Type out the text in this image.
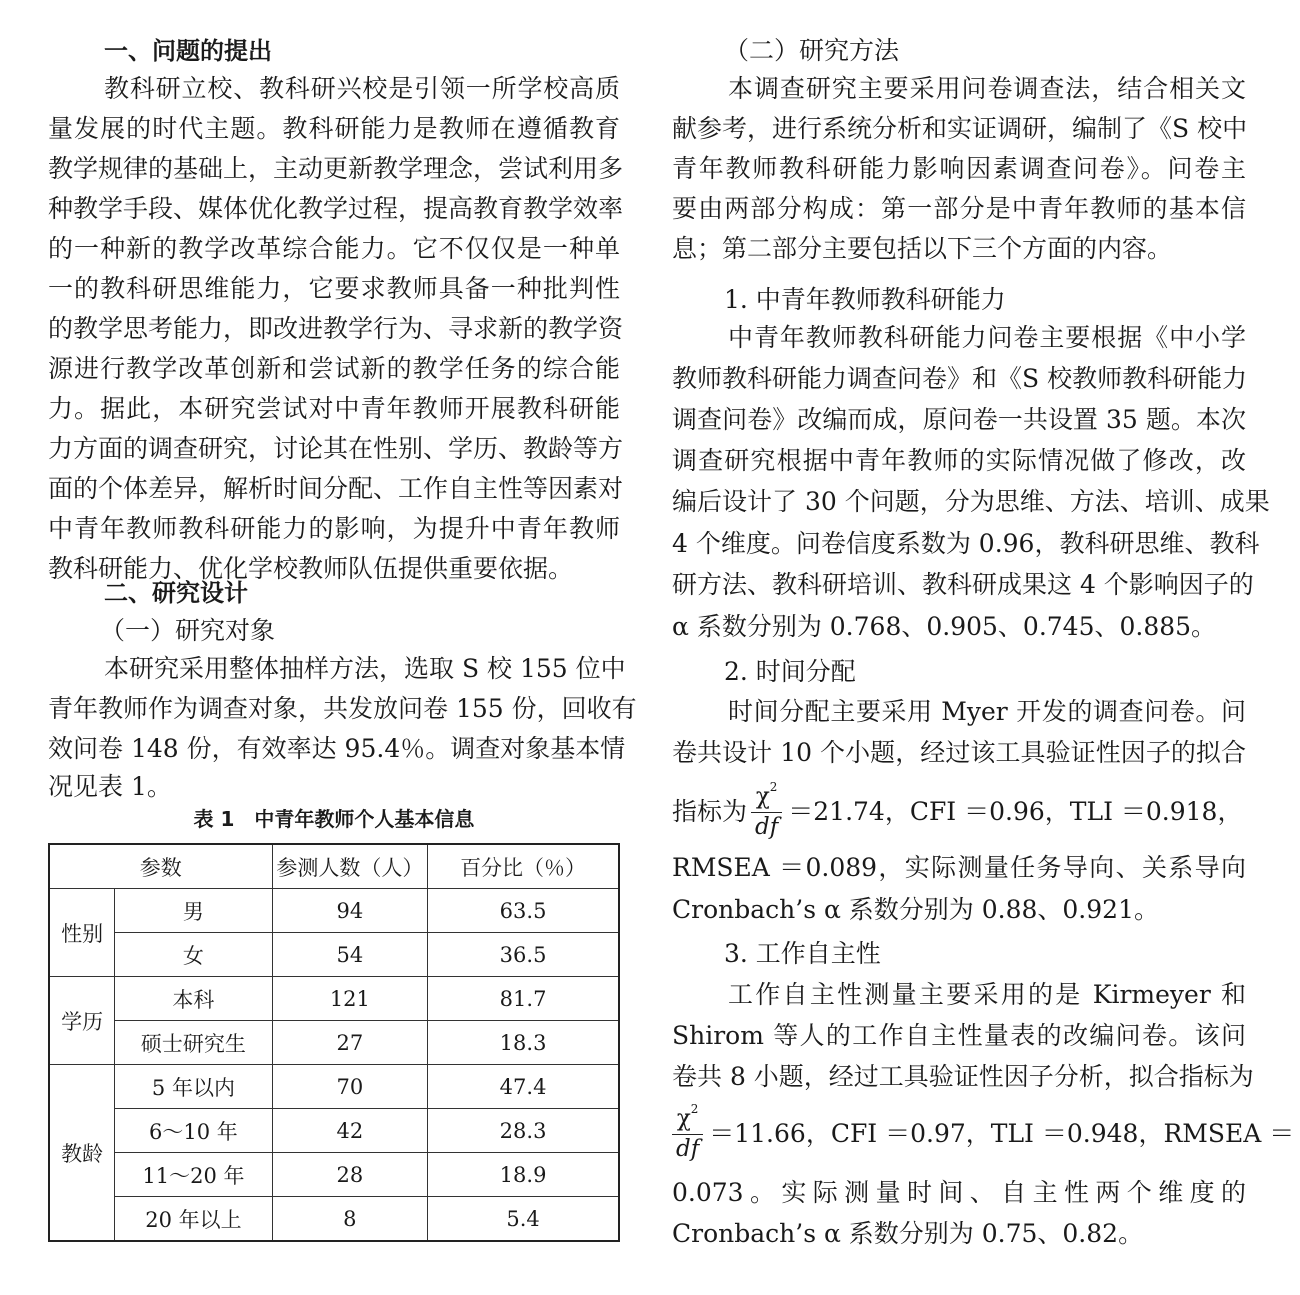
一、问题的提出
教科研立校、教科研兴校是引领一所学校高质
量发展的时代主题。教科研能力是教师在遵循教育
教学规律的基础上，主动更新教学理念，尝试利用多
种教学手段、媒体优化教学过程，提高教育教学效率
的一种新的教学改革综合能力。它不仅仅是一种单
一的教科研思维能力，它要求教师具备一种批判性
的教学思考能力，即改进教学行为、寻求新的教学资
源进行教学改革创新和尝试新的教学任务的综合能
力。据此，本研究尝试对中青年教师开展教科研能
力方面的调查研究，讨论其在性别、学历、教龄等方
面的个体差异，解析时间分配、工作自主性等因素对
中青年教师教科研能力的影响，为提升中青年教师
教科研能力、优化学校教师队伍提供重要依据。
二、研究设计
（一）研究对象
本研究采用整体抽样方法，选取 S 校 155 位中
青年教师作为调查对象，共发放问卷 155 份，回收有
效问卷 148 份，有效率达 95.4％。调查对象基本情
况见表 1。
表 1　中青年教师个人基本信息
参数		参测人数（人）	百分比（％）
性别	男	94	63.5
	女	54	36.5
学历	本科	121	81.7
	硕士研究生	27	18.3
教龄	5 年以内	70	47.4
	6～10 年	42	28.3
	11～20 年	28	18.9
	20 年以上	8	5.4
（二）研究方法
本调查研究主要采用问卷调查法，结合相关文
献参考，进行系统分析和实证调研，编制了《S 校中
青年教师教科研能力影响因素调查问卷》。问卷主
要由两部分构成：第一部分是中青年教师的基本信
息；第二部分主要包括以下三个方面的内容。
1. 中青年教师教科研能力
中青年教师教科研能力问卷主要根据《中小学
教师教科研能力调查问卷》和《S 校教师教科研能力
调查问卷》改编而成，原问卷一共设置 35 题。本次
调查研究根据中青年教师的实际情况做了修改，改
编后设计了 30 个问题，分为思维、方法、培训、成果
4 个维度。问卷信度系数为 0.96，教科研思维、教科
研方法、教科研培训、教科研成果这 4 个影响因子的
α 系数分别为 0.768、0.905、0.745、0.885。
2. 时间分配
时间分配主要采用 Myer 开发的调查问卷。问
卷共设计 10 个小题，经过该工具验证性因子的拟合
指标为 $\frac{\chi^2}{df} =21.74$，CFI ＝0.96，TLI ＝0.918，
RMSEA ＝0.089，实际测量任务导向、关系导向
Cronbach’s α 系数分别为 0.88、0.921。
3. 工作自主性
工作自主性测量主要采用的是 Kirmeyer 和
Shirom 等人的工作自主性量表的改编问卷。该问
卷共 8 小题，经过工具验证性因子分析，拟合指标为
$\frac{\chi^2}{df} =11.66$，CFI ＝0.97，TLI ＝0.948，RMSEA ＝
0.073。实际测量时间、自主性两个维度的
Cronbach’s α 系数分别为 0.75、0.82。
